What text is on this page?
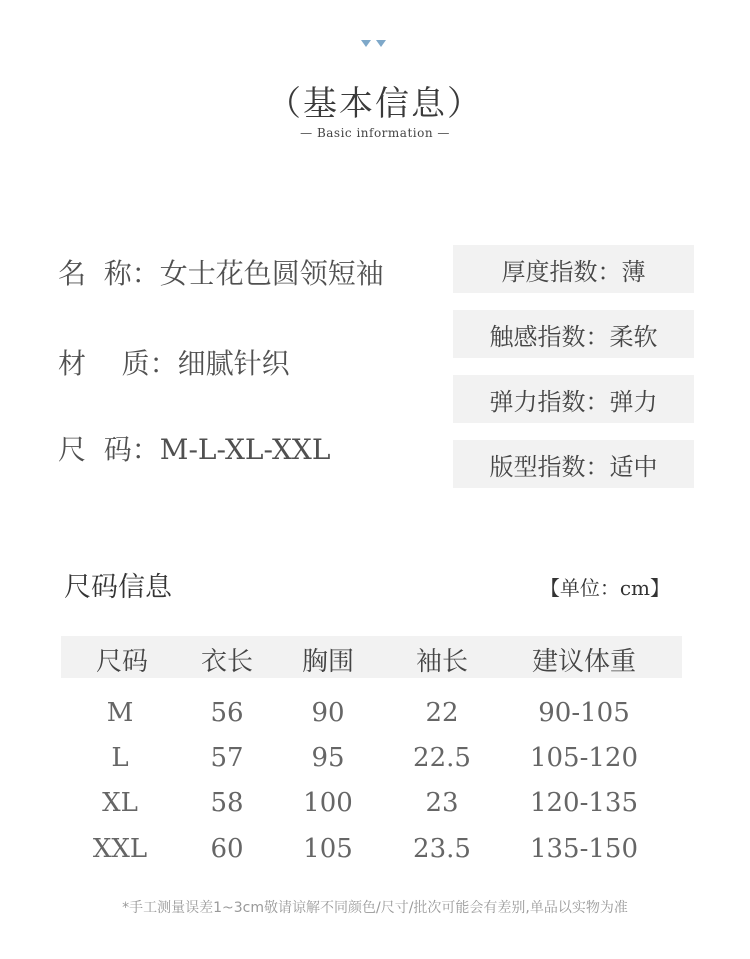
（基本信息）
— Basic information —
名  称：女士花色圆领短袖
材    质：细腻针织
尺  码：M-L-XL-XXL
厚度指数：薄
触感指数：柔软
弹力指数：弹力
版型指数：适中
尺码信息	【单位：cm】
尺码 衣长 胸围 袖长 建议体重
M	56	90	22	90-105
L	57	95	22.5 105-120
XL	58 100	23	120-135
XXL 60 105 23.5 135-150
*手工测量误差1~3cm敬请谅解不同颜色/尺寸/批次可能会有差别,单品以实物为准
